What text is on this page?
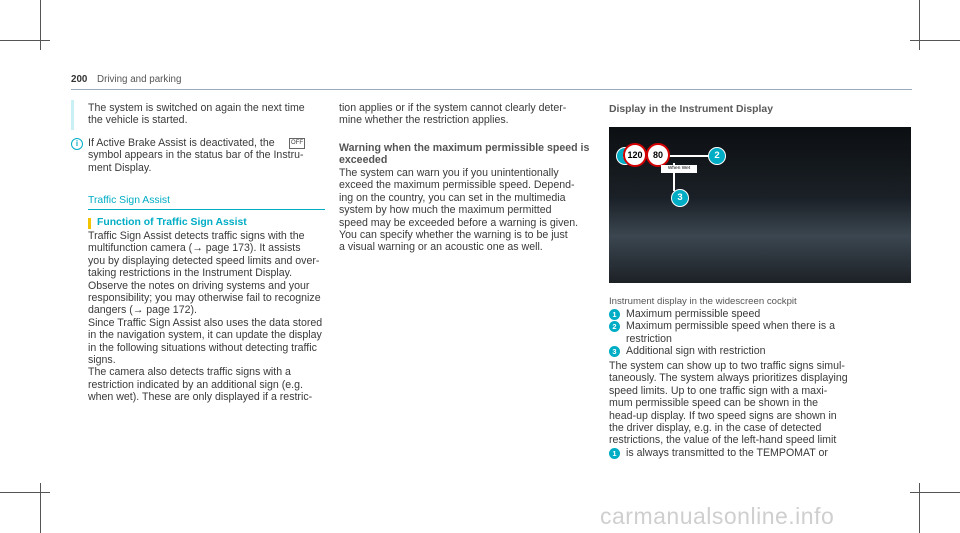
200 Driving and parking
The system is switched on again the next time
the vehicle is started.
i If Active Brake Assist is deactivated, the
symbol appears in the status bar of the Instru-
ment Display.
OFF
Traffic Sign Assist
Function of Traffic Sign Assist
Traffic Sign Assist detects traffic signs with the
multifunction camera (→ page 173). It assists
you by displaying detected speed limits and over-
taking restrictions in the Instrument Display.
Observe the notes on driving systems and your
responsibility; you may otherwise fail to recognize
dangers (→ page 172).
Since Traffic Sign Assist also uses the data stored
in the navigation system, it can update the display
in the following situations without detecting traffic
signs.
The camera also detects traffic signs with a
restriction indicated by an additional sign (e.g.
when wet). These are only displayed if a restric-
tion applies or if the system cannot clearly deter-
mine whether the restriction applies.
Warning when the maximum permissible speed is
exceeded
The system can warn you if you unintentionally
exceed the maximum permissible speed. Depend-
ing on the country, you can set in the multimedia
system by how much the maximum permitted
speed may be exceeded before a warning is given.
You can specify whether the warning is to be just
a visual warning or an acoustic one as well.
Display in the Instrument Display
120	80
When Wet
2
3
Instrument display in the widescreen cockpit
1 Maximum permissible speed
2 Maximum permissible speed when there is a
restriction
3 Additional sign with restriction
The system can show up to two traffic signs simul-
taneously. The system always prioritizes displaying
speed limits. Up to one traffic sign with a maxi-
mum permissible speed can be shown in the
head-up display. If two speed signs are shown in
the driver display, e.g. in the case of detected
restrictions, the value of the left-hand speed limit
1 is always transmitted to the TEMPOMAT or
carmanualsonline.info
